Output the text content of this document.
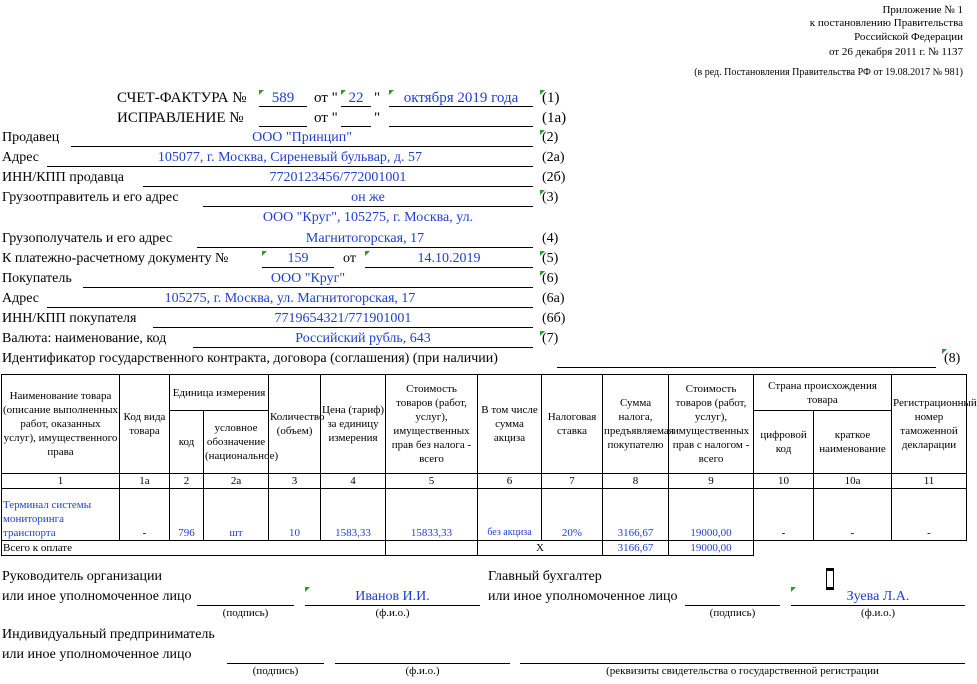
Приложение № 1
к постановлению Правительства
Российской Федерации
от 26 декабря 2011 г. № 1137
(в ред. Постановления Правительства РФ от 19.08.2017 № 981)
СЧЕТ-ФАКТУРА №	589	от " 22 "	октября 2019 года	(1)
ИСПРАВЛЕНИЕ №	от " "	(1а)
Продавец	ООО "Принцип"	(2)
Адрес	105077, г. Москва, Сиреневый бульвар, д. 57	(2а)
ИНН/КПП продавца	7720123456/772001001	(2б)
Грузоотправитель и его адрес	он же	(3)
ООО "Круг", 105275, г. Москва, ул.
Грузополучатель и его адрес	Магнитогорская, 17	(4)
К платежно-расчетному документу №	159	от	14.10.2019	(5)
Покупатель	ООО "Круг"	(6)
Адрес	105275, г. Москва, ул. Магнитогорская, 17	(6а)
ИНН/КПП покупателя	7719654321/771901001	(6б)
Валюта: наименование, код	Российский рубль, 643	(7)
Идентификатор государственного контракта, договора (соглашения) (при наличии)	(8)
Наименование товара (описание выполненных работ, оказанных услуг), имущественного права	Код вида товара	Единица измерения		Количество (объем)	Цена (тариф) за единицу измерения	Стоимость товаров (работ, услуг), имущественных прав без налога - всего	В том числе сумма акциза	Налоговая ставка	Сумма налога, предъявляемая покупателю	Стоимость товаров (работ, услуг), имущественных прав с налогом - всего	Страна происхождения товара		Регистрационный номер таможенной декларации
		код	условное обозначение (национальное)								цифровой код	краткое наименование	
1	1а	2	2а	3	4	5	6	7	8	9	10	10а	11
Терминал системы мониторинга транспорта	-	796	шт	10	1583,33	15833,33	без акциза	20%	3166,67	19000,00	-	-	-
Всего к оплате							X		3166,67	19000,00			
Руководитель организации
или иное уполномоченное лицо	Иванов И.И.
(подпись)	(ф.и.о.)
Главный бухгалтер
или иное уполномоченное лицо	Зуева Л.А.
(подпись)	(ф.и.о.)
Индивидуальный предприниматель
или иное уполномоченное лицо
(подпись)	(ф.и.о.)	(реквизиты свидетельства о государственной регистрации
